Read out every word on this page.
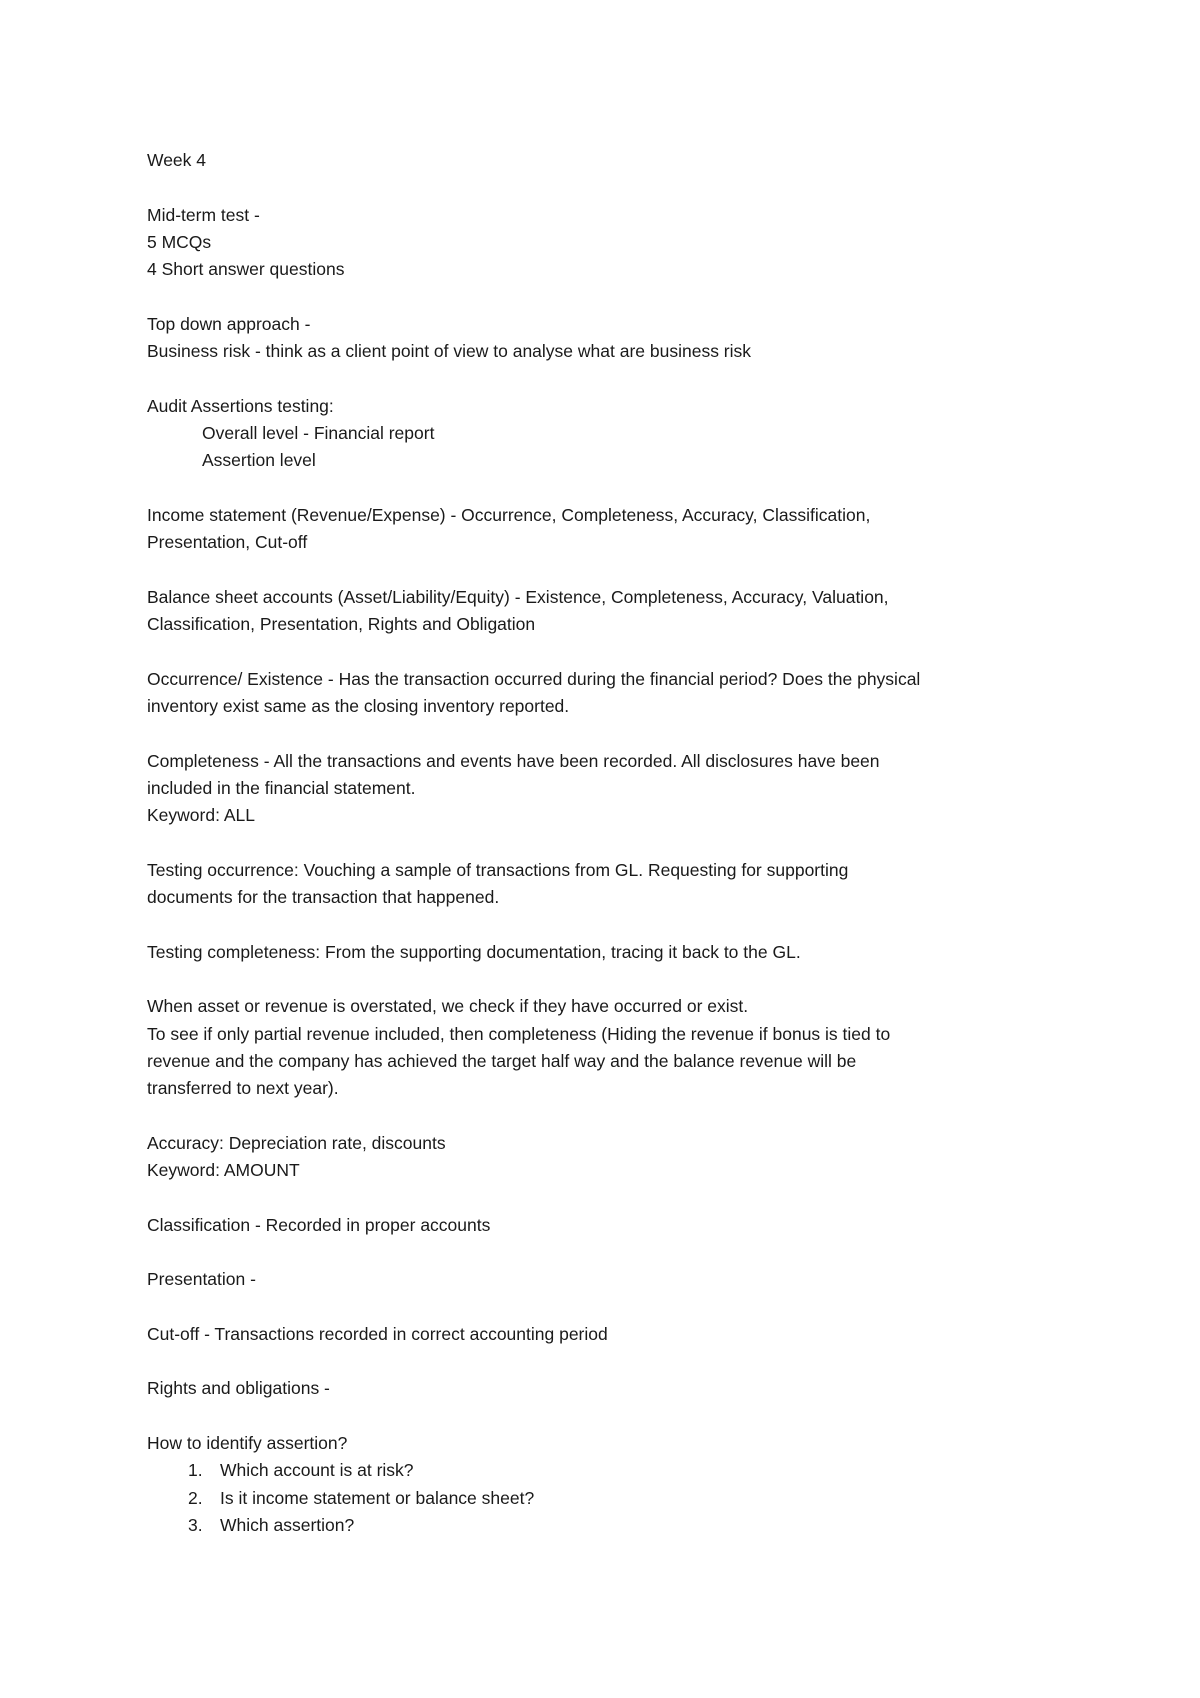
Week 4
Mid-term test -
5 MCQs
4 Short answer questions
Top down approach -
Business risk - think as a client point of view to analyse what are business risk
Audit Assertions testing:
Overall level - Financial report
Assertion level
Income statement (Revenue/Expense) - Occurrence, Completeness, Accuracy, Classification,
Presentation, Cut-off
Balance sheet accounts (Asset/Liability/Equity) - Existence, Completeness, Accuracy, Valuation,
Classification, Presentation, Rights and Obligation
Occurrence/ Existence - Has the transaction occurred during the financial period? Does the physical
inventory exist same as the closing inventory reported.
Completeness - All the transactions and events have been recorded. All disclosures have been
included in the financial statement.
Keyword: ALL
Testing occurrence: Vouching a sample of transactions from GL. Requesting for supporting
documents for the transaction that happened.
Testing completeness: From the supporting documentation, tracing it back to the GL.
When asset or revenue is overstated, we check if they have occurred or exist.
To see if only partial revenue included, then completeness (Hiding the revenue if bonus is tied to
revenue and the company has achieved the target half way and the balance revenue will be
transferred to next year).
Accuracy: Depreciation rate, discounts
Keyword: AMOUNT
Classification - Recorded in proper accounts
Presentation -
Cut-off - Transactions recorded in correct accounting period
Rights and obligations -
How to identify assertion?
1. Which account is at risk?
2. Is it income statement or balance sheet?
3. Which assertion?
